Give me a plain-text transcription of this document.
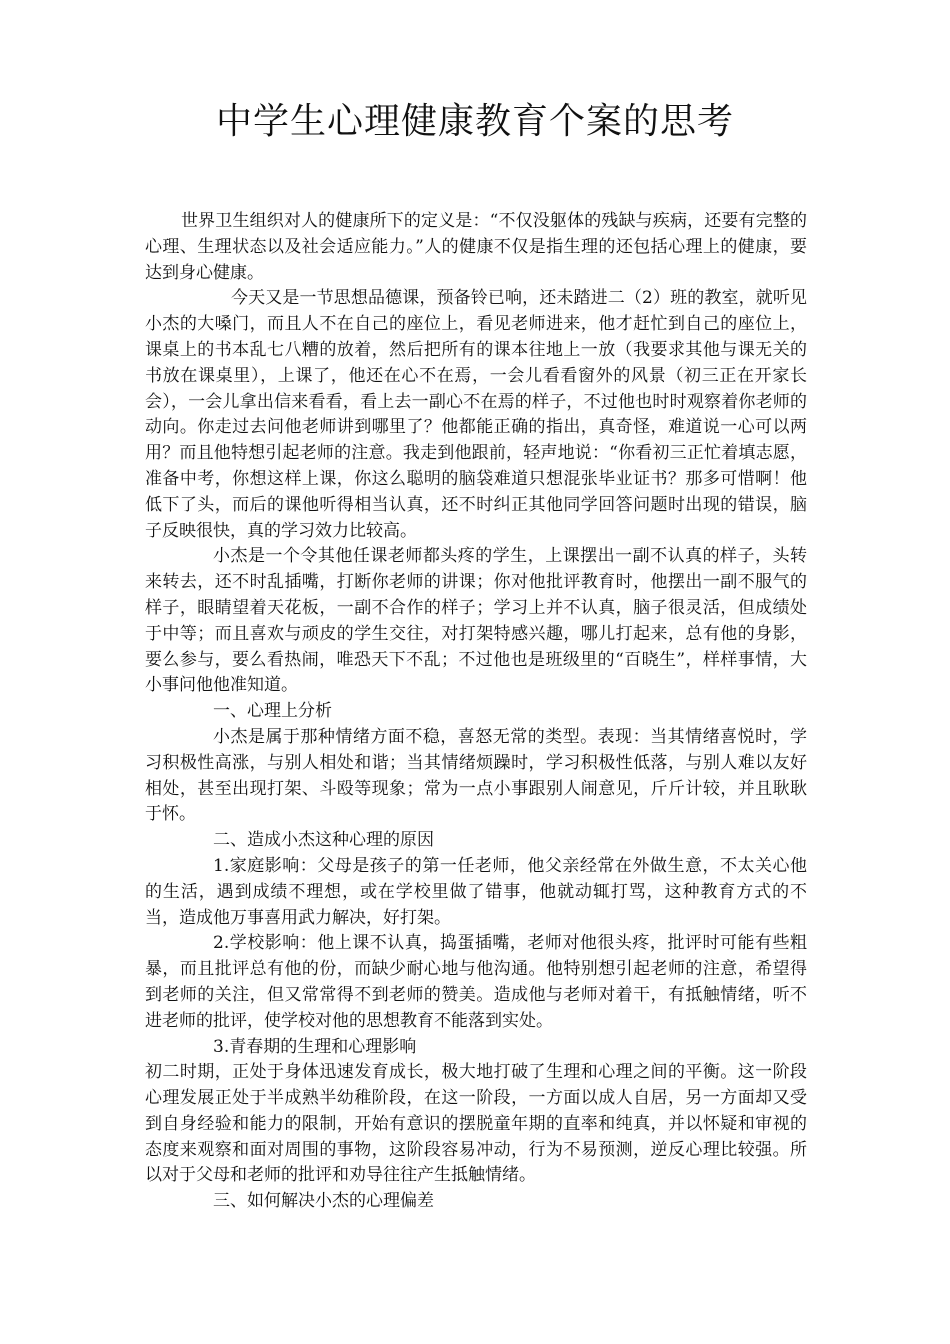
中学生心理健康教育个案的思考

世界卫生组织对人的健康所下的定义是：“不仅没躯体的残缺与疾病，还要有完整的心理、生理状态以及社会适应能力。”人的健康不仅是指生理的还包括心理上的健康，要达到身心健康。

今天又是一节思想品德课，预备铃已响，还未踏进二（2）班的教室，就听见小杰的大嗓门，而且人不在自己的座位上，看见老师进来，他才赶忙到自己的座位上，课桌上的书本乱七八糟的放着，然后把所有的课本往地上一放（我要求其他与课无关的书放在课桌里），上课了，他还在心不在焉，一会儿看看窗外的风景（初三正在开家长会），一会儿拿出信来看看，看上去一副心不在焉的样子，不过他也时时观察着你老师的动向。你走过去问他老师讲到哪里了？他都能正确的指出，真奇怪，难道说一心可以两用？而且他特想引起老师的注意。我走到他跟前，轻声地说：“你看初三正忙着填志愿，准备中考，你想这样上课，你这么聪明的脑袋难道只想混张毕业证书？那多可惜啊！他低下了头，而后的课他听得相当认真，还不时纠正其他同学回答问题时出现的错误，脑子反映很快，真的学习效力比较高。

小杰是一个令其他任课老师都头疼的学生，上课摆出一副不认真的样子，头转来转去，还不时乱插嘴，打断你老师的讲课；你对他批评教育时，他摆出一副不服气的样子，眼睛望着天花板，一副不合作的样子；学习上并不认真，脑子很灵活，但成绩处于中等；而且喜欢与顽皮的学生交往，对打架特感兴趣，哪儿打起来，总有他的身影，要么参与，要么看热闹，唯恐天下不乱；不过他也是班级里的“百晓生”，样样事情，大小事问他他准知道。

一、心理上分析

小杰是属于那种情绪方面不稳，喜怒无常的类型。表现：当其情绪喜悦时，学习积极性高涨，与别人相处和谐；当其情绪烦躁时，学习积极性低落，与别人难以友好相处，甚至出现打架、斗殴等现象；常为一点小事跟别人闹意见，斤斤计较，并且耿耿于怀。

二、造成小杰这种心理的原因

1.家庭影响：父母是孩子的第一任老师，他父亲经常在外做生意，不太关心他的生活，遇到成绩不理想，或在学校里做了错事，他就动辄打骂，这种教育方式的不当，造成他万事喜用武力解决，好打架。

2.学校影响：他上课不认真，捣蛋插嘴，老师对他很头疼，批评时可能有些粗暴，而且批评总有他的份，而缺少耐心地与他沟通。他特别想引起老师的注意，希望得到老师的关注，但又常常得不到老师的赞美。造成他与老师对着干，有抵触情绪，听不进老师的批评，使学校对他的思想教育不能落到实处。

3.青春期的生理和心理影响

初二时期，正处于身体迅速发育成长，极大地打破了生理和心理之间的平衡。这一阶段心理发展正处于半成熟半幼稚阶段，在这一阶段，一方面以成人自居，另一方面却又受到自身经验和能力的限制，开始有意识的摆脱童年期的直率和纯真，并以怀疑和审视的态度来观察和面对周围的事物，这阶段容易冲动，行为不易预测，逆反心理比较强。所以对于父母和老师的批评和劝导往往产生抵触情绪。

三、如何解决小杰的心理偏差
